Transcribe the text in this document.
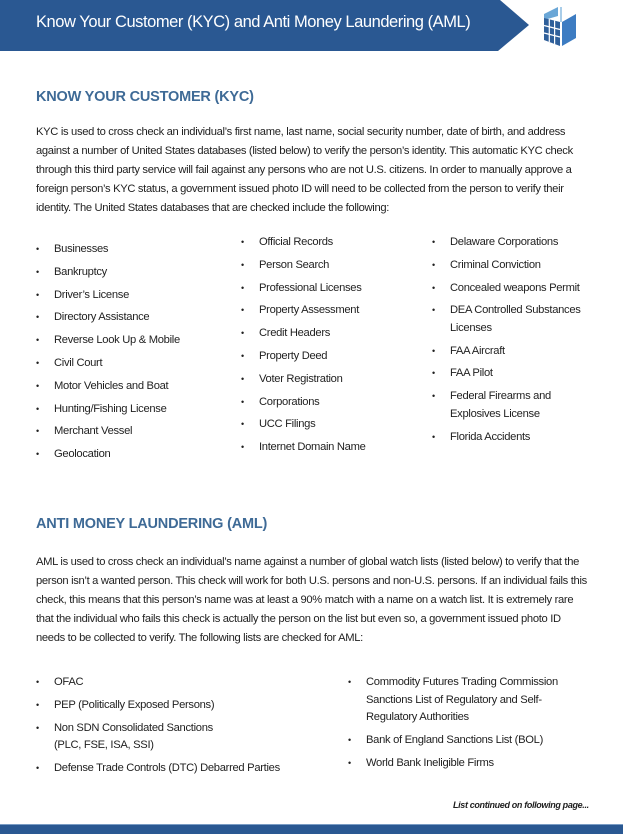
Know Your Customer (KYC) and Anti Money Laundering (AML)
KNOW YOUR CUSTOMER (KYC)
KYC is used to cross check an individual’s first name, last name, social security number, date of birth, and address against a number of United States databases (listed below) to verify the person’s identity. This automatic KYC check through this third party service will fail against any persons who are not U.S. citizens. In order to manually approve a foreign person’s KYC status, a government issued photo ID will need to be collected from the person to verify their identity. The United States databases that are checked include the following:
• Businesses
• Bankruptcy
• Driver’s License
• Directory Assistance
• Reverse Look Up & Mobile
• Civil Court
• Motor Vehicles and Boat
• Hunting/Fishing License
• Merchant Vessel
• Geolocation
• Official Records
• Person Search
• Professional Licenses
• Property Assessment
• Credit Headers
• Property Deed
• Voter Registration
• Corporations
• UCC Filings
• Internet Domain Name
• Delaware Corporations
• Criminal Conviction
• Concealed weapons Permit
• DEA Controlled Substances Licenses
• FAA Aircraft
• FAA Pilot
• Federal Firearms and Explosives License
• Florida Accidents
ANTI MONEY LAUNDERING (AML)
AML is used to cross check an individual’s name against a number of global watch lists (listed below) to verify that the person isn’t a wanted person. This check will work for both U.S. persons and non-U.S. persons. If an individual fails this check, this means that this person’s name was at least a 90% match with a name on a watch list. It is extremely rare that the individual who fails this check is actually the person on the list but even so, a government issued photo ID needs to be collected to verify. The following lists are checked for AML:
• OFAC
• PEP (Politically Exposed Persons)
• Non SDN Consolidated Sanctions (PLC, FSE, ISA, SSI)
• Defense Trade Controls (DTC) Debarred Parties
• Commodity Futures Trading Commission Sanctions List of Regulatory and Self-Regulatory Authorities
• Bank of England Sanctions List (BOL)
• World Bank Ineligible Firms
List continued on following page...
